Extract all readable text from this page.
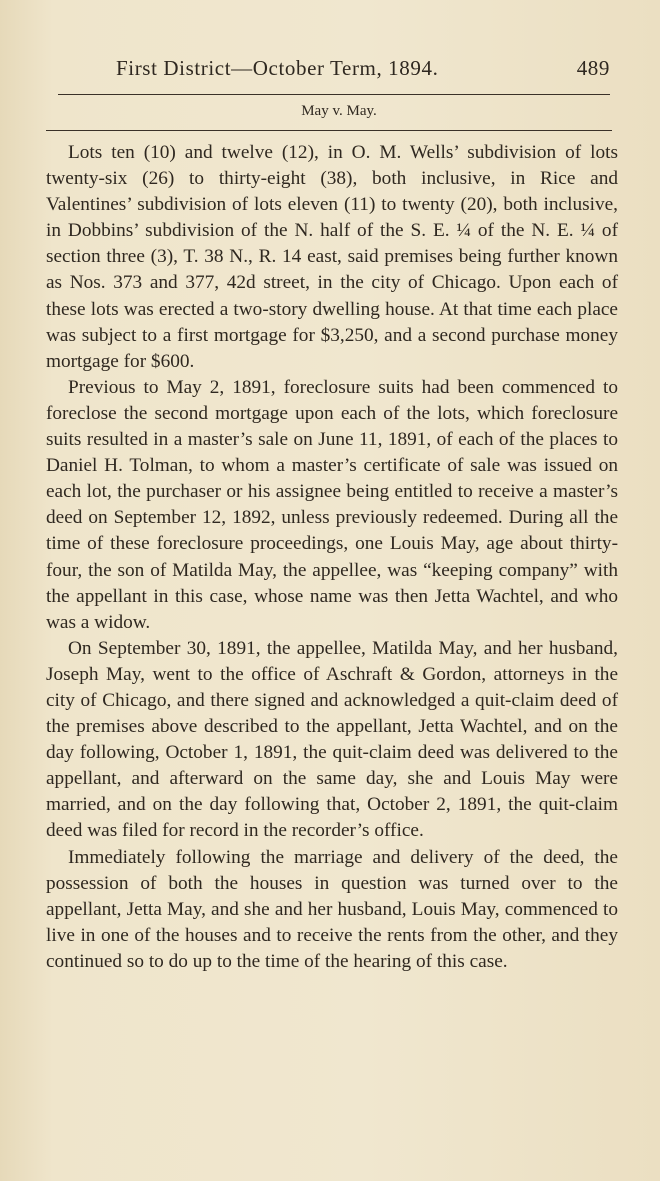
First District—October Term, 1894.	489
May v. May.

Lots ten (10) and twelve (12), in O. M. Wells’ subdivision of lots twenty-six (26) to thirty-eight (38), both inclusive, in Rice and Valentines’ subdivision of lots eleven (11) to twenty (20), both inclusive, in Dobbins’ subdivision of the N. half of the S. E. ¼ of the N. E. ¼ of section three (3), T. 38 N., R. 14 east, said premises being further known as Nos. 373 and 377, 42d street, in the city of Chicago. Upon each of these lots was erected a two-story dwelling house. At that time each place was subject to a first mortgage for $3,250, and a second purchase money mortgage for $600.

Previous to May 2, 1891, foreclosure suits had been commenced to foreclose the second mortgage upon each of the lots, which foreclosure suits resulted in a master’s sale on June 11, 1891, of each of the places to Daniel H. Tolman, to whom a master’s certificate of sale was issued on each lot, the purchaser or his assignee being entitled to receive a master’s deed on September 12, 1892, unless previously redeemed. During all the time of these foreclosure proceedings, one Louis May, age about thirty-four, the son of Matilda May, the appellee, was “keeping company” with the appellant in this case, whose name was then Jetta Wachtel, and who was a widow.

On September 30, 1891, the appellee, Matilda May, and her husband, Joseph May, went to the office of Aschraft & Gordon, attorneys in the city of Chicago, and there signed and acknowledged a quit-claim deed of the premises above described to the appellant, Jetta Wachtel, and on the day following, October 1, 1891, the quit-claim deed was delivered to the appellant, and afterward on the same day, she and Louis May were married, and on the day following that, October 2, 1891, the quit-claim deed was filed for record in the recorder’s office.

Immediately following the marriage and delivery of the deed, the possession of both the houses in question was turned over to the appellant, Jetta May, and she and her husband, Louis May, commenced to live in one of the houses and to receive the rents from the other, and they continued so to do up to the time of the hearing of this case.
